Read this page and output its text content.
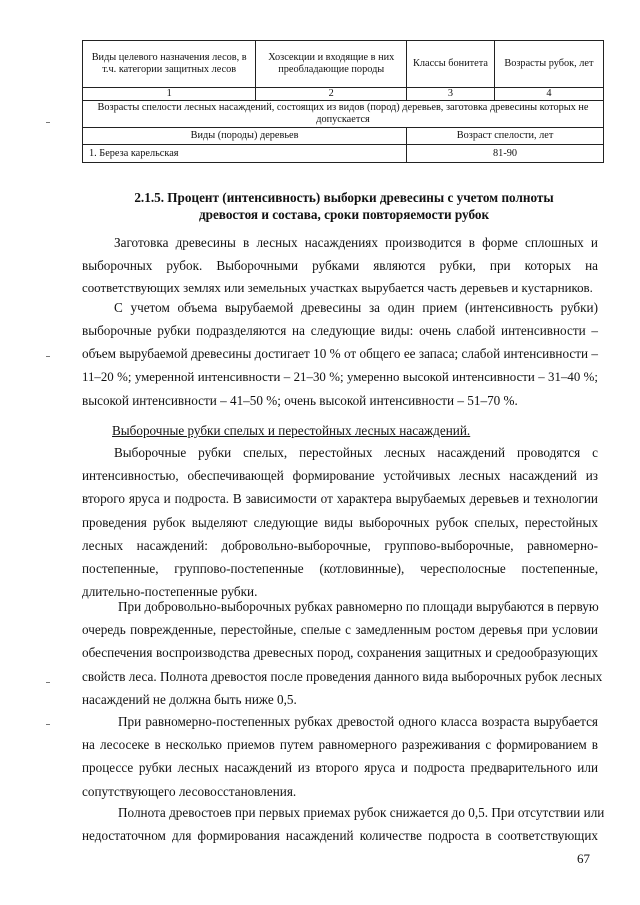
Виды целевого назначения лесов, в т.ч. категории защитных лесов	Хозсекции и входящие в них преобладающие породы	Классы бонитета	Возрасты рубок, лет
1	2	3	4
Возрасты спелости лесных насаждений, состоящих из видов (пород) деревьев, заготовка древесины которых не допускается			
Виды (породы) деревьев		Возраст спелости, лет	
1. Береза карельская		81-90	
2.1.5. Процент (интенсивность) выборки древесины с учетом полноты
древостоя и состава, сроки повторяемости рубок
Заготовка древесины в лесных насаждениях производится в форме сплошных и
выборочных рубок. Выборочными рубками являются рубки, при которых на
соответствующих землях или земельных участках вырубается часть деревьев и кустарников.
С учетом объема вырубаемой древесины за один прием (интенсивность рубки)
выборочные рубки подразделяются на следующие виды: очень слабой интенсивности –
объем вырубаемой древесины достигает 10 % от общего ее запаса; слабой интенсивности –
11–20 %; умеренной интенсивности – 21–30 %; умеренно высокой интенсивности – 31–40 %;
высокой интенсивности – 41–50 %; очень высокой интенсивности – 51–70 %.
Выборочные рубки спелых и перестойных лесных насаждений.
Выборочные рубки спелых, перестойных лесных насаждений проводятся с
интенсивностью, обеспечивающей формирование устойчивых лесных насаждений из
второго яруса и подроста. В зависимости от характера вырубаемых деревьев и технологии
проведения рубок выделяют следующие виды выборочных рубок спелых, перестойных
лесных насаждений: добровольно-выборочные, группово-выборочные, равномерно-
постепенные, группово-постепенные (котловинные), чересполосные постепенные,
длительно-постепенные рубки.
При добровольно-выборочных рубках равномерно по площади вырубаются в первую
очередь поврежденные, перестойные, спелые с замедленным ростом деревья при условии
обеспечения воспроизводства древесных пород, сохранения защитных и средообразующих
свойств леса. Полнота древостоя после проведения данного вида выборочных рубок лесных
насаждений не должна быть ниже 0,5.
При равномерно-постепенных рубках древостой одного класса возраста вырубается
на лесосеке в несколько приемов путем равномерного разреживания с формированием в
процессе рубки лесных насаждений из второго яруса и подроста предварительного или
сопутствующего лесовосстановления.
Полнота древостоев при первых приемах рубок снижается до 0,5. При отсутствии или
недостаточном для формирования насаждений количестве подроста в соответствующих
67
